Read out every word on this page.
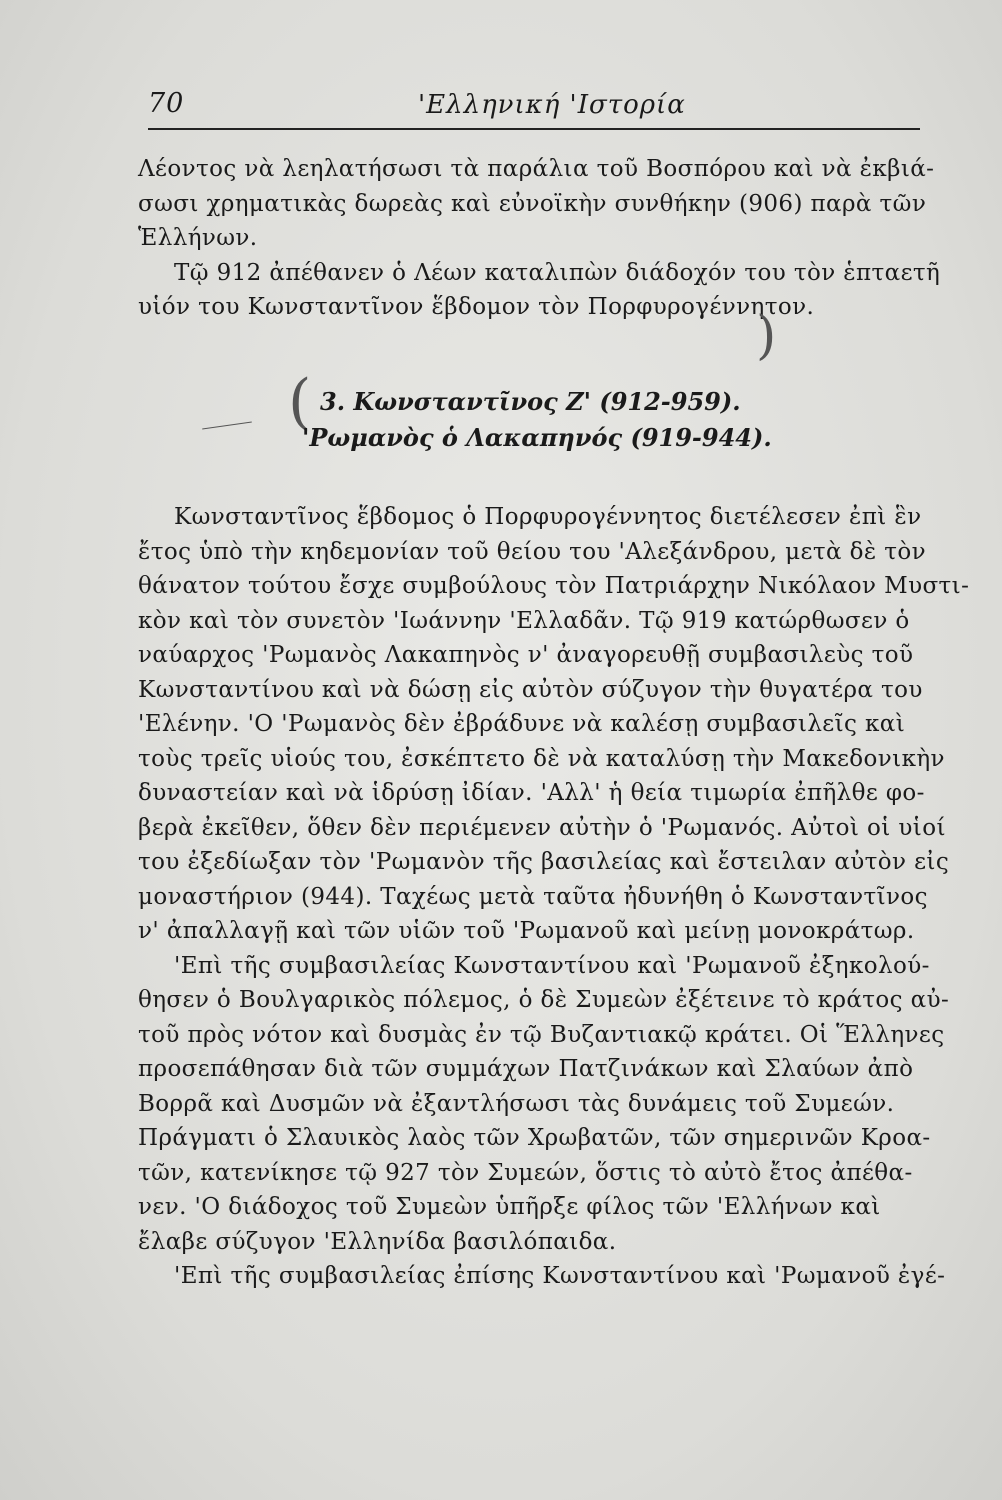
70	'Ελληνική 'Ιστορία
Λέοντος νὰ λεηλατήσωσι τὰ παράλια τοῦ Βοσπόρου καὶ νὰ ἐκβιά-
σωσι χρηματικὰς δωρεὰς καὶ εὐνοϊκὴν συνθήκην (906) παρὰ τῶν
Ἑλλήνων.
Τῷ 912 ἀπέθανεν ὁ Λέων καταλιπὼν διάδοχόν του τὸν ἑπταετῆ
υἱόν του Κωνσταντῖνον ἕβδομον τὸν Πορφυρογέννητον.
(
)
3. Κωνσταντῖνος Ζ' (912-959).
'Ρωμανὸς ὁ Λακαπηνός (919-944).
Κωνσταντῖνος ἕβδομος ὁ Πορφυρογέννητος διετέλεσεν ἐπὶ ἓν
ἔτος ὑπὸ τὴν κηδεμονίαν τοῦ θείου του 'Αλεξάνδρου, μετὰ δὲ τὸν
θάνατον τούτου ἔσχε συμβούλους τὸν Πατριάρχην Νικόλαον Μυστι-
κὸν καὶ τὸν συνετὸν 'Ιωάννην 'Ελλαδᾶν. Τῷ 919 κατώρθωσεν ὁ
ναύαρχος 'Ρωμανὸς Λακαπηνὸς ν' ἀναγορευθῇ συμβασιλεὺς τοῦ
Κωνσταντίνου καὶ νὰ δώσῃ εἰς αὐτὸν σύζυγον τὴν θυγατέρα του
'Ελένην. 'Ο 'Ρωμανὸς δὲν ἐβράδυνε νὰ καλέσῃ συμβασιλεῖς καὶ
τοὺς τρεῖς υἱούς του, ἐσκέπτετο δὲ νὰ καταλύσῃ τὴν Μακεδονικὴν
δυναστείαν καὶ νὰ ἱδρύσῃ ἰδίαν. 'Αλλ' ἡ θεία τιμωρία ἐπῆλθε φο-
βερὰ ἐκεῖθεν, ὅθεν δὲν περιέμενεν αὐτὴν ὁ 'Ρωμανός. Αὐτοὶ οἱ υἱοί
του ἐξεδίωξαν τὸν 'Ρωμανὸν τῆς βασιλείας καὶ ἔστειλαν αὐτὸν εἰς
μοναστήριον (944). Ταχέως μετὰ ταῦτα ἠδυνήθη ὁ Κωνσταντῖνος
ν' ἀπαλλαγῇ καὶ τῶν υἱῶν τοῦ 'Ρωμανοῦ καὶ μείνῃ μονοκράτωρ.
'Επὶ τῆς συμβασιλείας Κωνσταντίνου καὶ 'Ρωμανοῦ ἐξηκολού-
θησεν ὁ Βουλγαρικὸς πόλεμος, ὁ δὲ Συμεὼν ἐξέτεινε τὸ κράτος αὐ-
τοῦ πρὸς νότον καὶ δυσμὰς ἐν τῷ Βυζαντιακῷ κράτει. Οἱ Ἕλληνες
προσεπάθησαν διὰ τῶν συμμάχων Πατζινάκων καὶ Σλαύων ἀπὸ
Βορρᾶ καὶ Δυσμῶν νὰ ἐξαντλήσωσι τὰς δυνάμεις τοῦ Συμεών.
Πράγματι ὁ Σλαυικὸς λαὸς τῶν Χρωβατῶν, τῶν σημερινῶν Κροα-
τῶν, κατενίκησε τῷ 927 τὸν Συμεών, ὅστις τὸ αὐτὸ ἔτος ἀπέθα-
νεν. 'Ο διάδοχος τοῦ Συμεὼν ὑπῆρξε φίλος τῶν 'Ελλήνων καὶ
ἔλαβε σύζυγον 'Ελληνίδα βασιλόπαιδα.
'Επὶ τῆς συμβασιλείας ἐπίσης Κωνσταντίνου καὶ 'Ρωμανοῦ ἐγέ-
